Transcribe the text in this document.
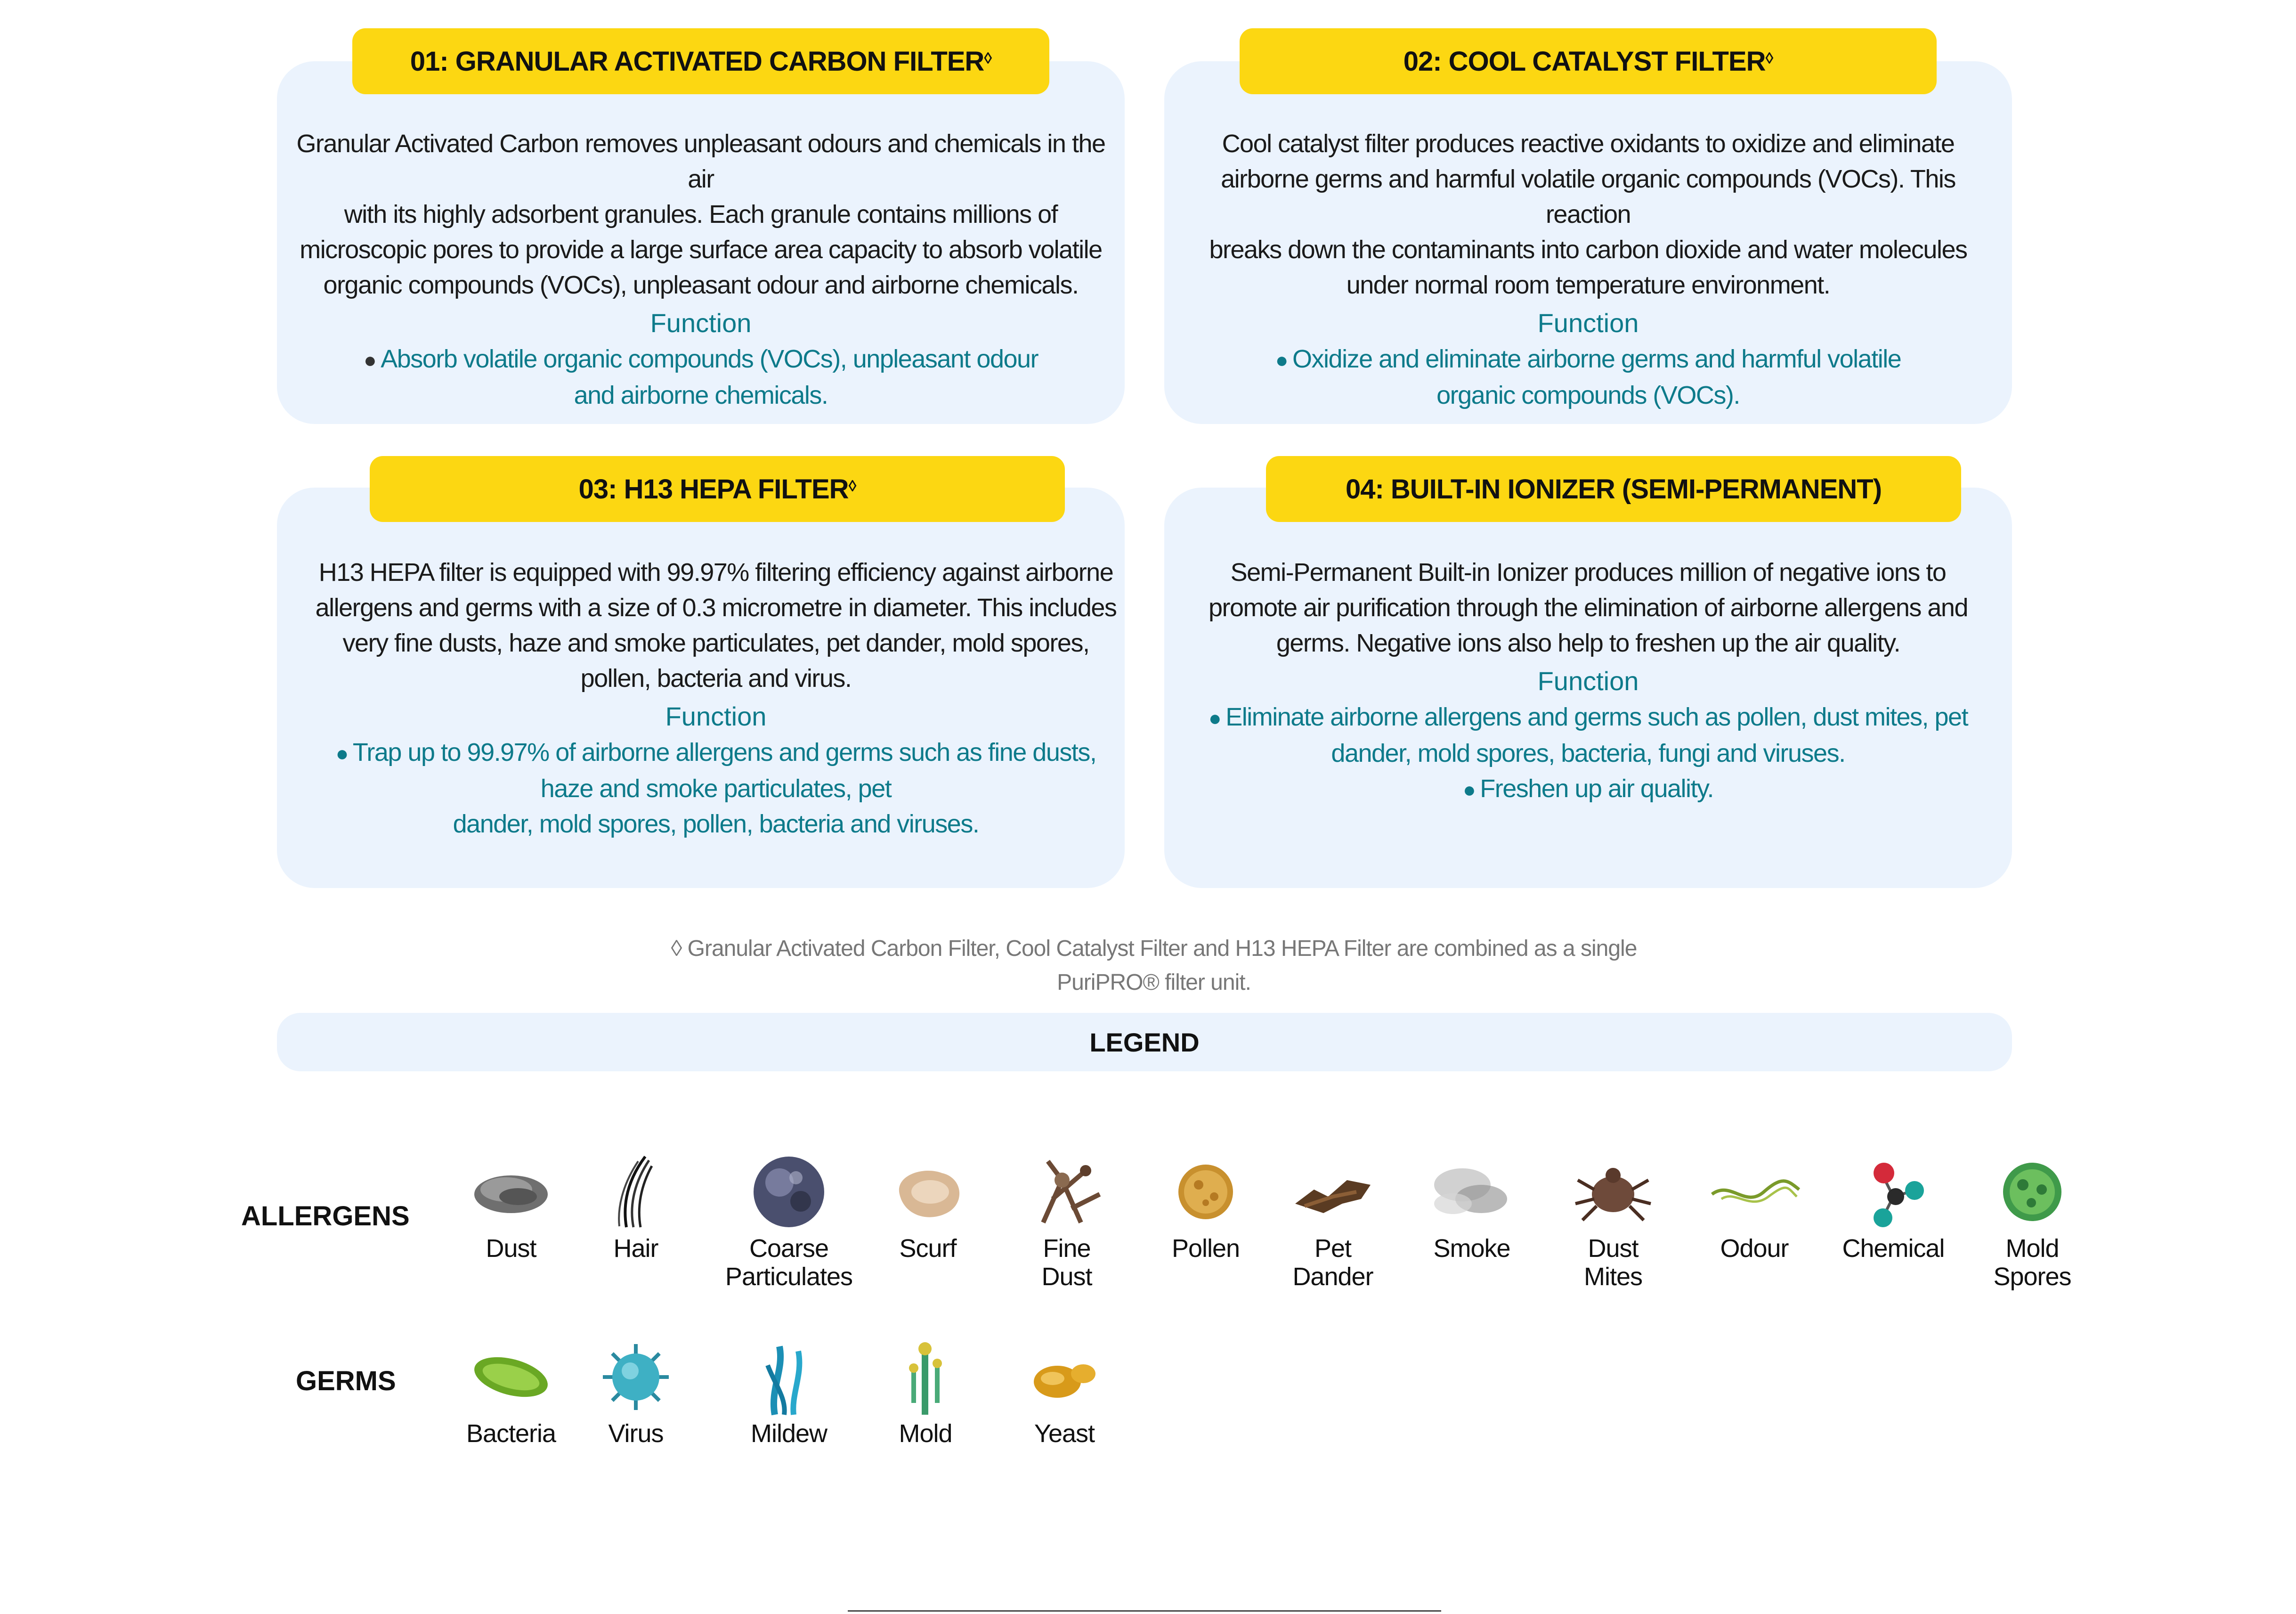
01: GRANULAR ACTIVATED CARBON FILTER◊
Granular Activated Carbon removes unpleasant odours and chemicals in the air
with its highly adsorbent granules. Each granule contains millions of
microscopic pores to provide a large surface area capacity to absorb volatile
organic compounds (VOCs), unpleasant odour and airborne chemicals.
Function
● Absorb volatile organic compounds (VOCs), unpleasant odour
and airborne chemicals.
02: COOL CATALYST FILTER◊
Cool catalyst filter produces reactive oxidants to oxidize and eliminate
airborne germs and harmful volatile organic compounds (VOCs). This reaction
breaks down the contaminants into carbon dioxide and water molecules
under normal room temperature environment.
Function
● Oxidize and eliminate airborne germs and harmful volatile
organic compounds (VOCs).
03: H13 HEPA FILTER◊
H13 HEPA filter is equipped with 99.97% filtering efficiency against airborne
allergens and germs with a size of 0.3 micrometre in diameter. This includes
very fine dusts, haze and smoke particulates, pet dander, mold spores,
pollen, bacteria and virus.
Function
● Trap up to 99.97% of airborne allergens and germs such as fine dusts,
haze and smoke particulates, pet
dander, mold spores, pollen, bacteria and viruses.
04: BUILT-IN IONIZER (SEMI-PERMANENT)
Semi-Permanent Built-in Ionizer produces million of negative ions to
promote air purification through the elimination of airborne allergens and
germs. Negative ions also help to freshen up the air quality.
Function
● Eliminate airborne allergens and germs such as pollen, dust mites, pet
dander, mold spores, bacteria, fungi and viruses.
● Freshen up air quality.
◊ Granular Activated Carbon Filter, Cool Catalyst Filter and H13 HEPA Filter are combined as a single
PuriPRO® filter unit.
LEGEND
ALLERGENS
GERMS
Dust	Hair	Coarse
Particulates
Scurf	Fine
Dust
Pollen	Pet
Dander
Smoke	Dust
Mites
Odour	Chemical	Mold
Spores
Bacteria	Virus	Mildew	Mold	Yeast
